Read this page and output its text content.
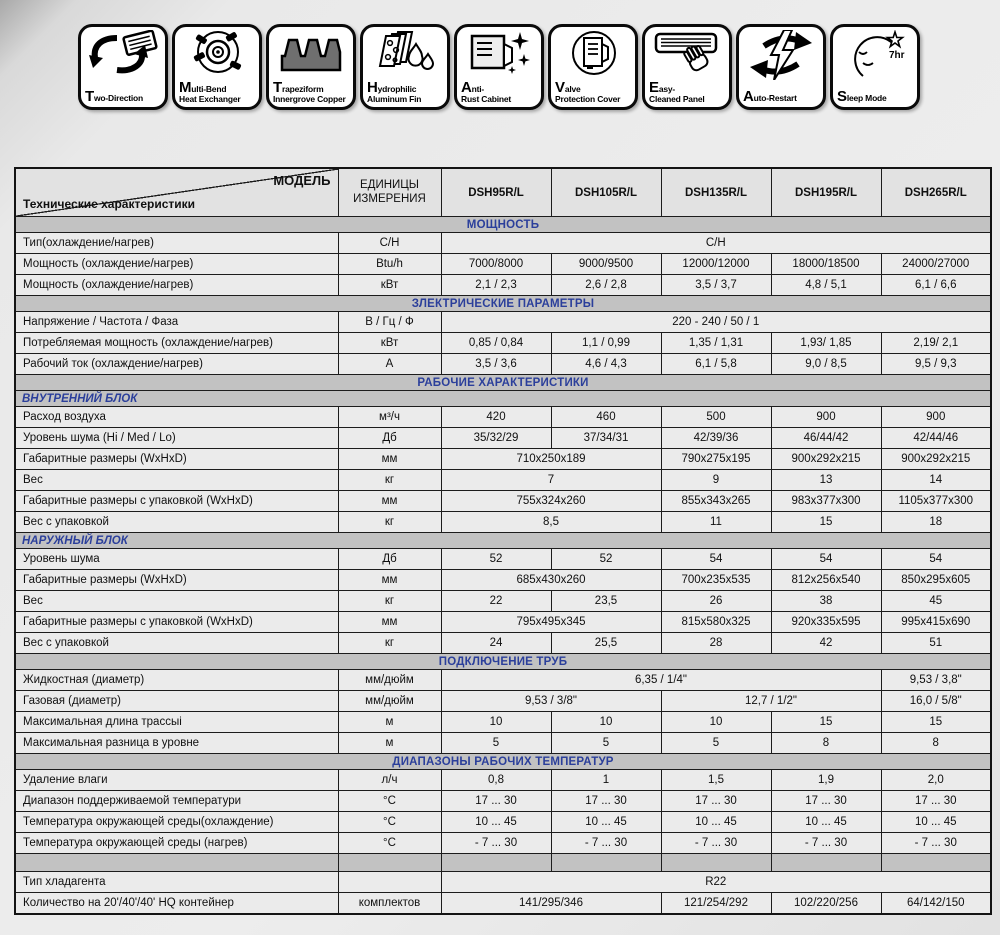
Two-Direction
Multi-Bend
Heat Exchanger
Trapeziform
Innergrove Copper
Hydrophilic
Aluminum Fin
Anti-
Rust Cabinet
Valve
Protection Cover
Easy-
Cleaned Panel	Auto-Restart
7hr
Sleep Mode
МОДЕЛЬ
Технические характеристики	ЕДИНИЦЫ ИЗМЕРЕНИЯ	DSH95R/L	DSH105R/L	DSH135R/L	DSH195R/L	DSH265R/L
МОЩНОСТЬ						
Тип(охлаждение/нагрев)	С/Н	С/Н				
Мощность (охлаждение/нагрев)	Btu/h	7000/8000	9000/9500	12000/12000	18000/18500	24000/27000
Мощность (охлаждение/нагрев)	кВт	2,1 / 2,3	2,6 / 2,8	3,5 / 3,7	4,8 / 5,1	6,1 / 6,6
ЗЛЕКТРИЧЕСКИЕ ПАРАМЕТРЫ						
Напряжение / Частота / Фаза	В / Гц / Ф	220 - 240 / 50 / 1				
Потребляемая мощность (охлаждение/нагрев)	кВт	0,85 / 0,84	1,1 / 0,99	1,35 / 1,31	1,93/ 1,85	2,19/ 2,1
Рабочий ток (охлаждение/нагрев)	А	3,5 / 3,6	4,6 / 4,3	6,1 / 5,8	9,0 / 8,5	9,5 / 9,3
РАБОЧИЕ ХАРАКТЕРИСТИКИ						
ВНУТРЕННИЙ БЛОК						
Расход воздуха	м³/ч	420	460	500	900	900
Уровень шума (Hi / Med / Lo)	Дб	35/32/29	37/34/31	42/39/36	46/44/42	42/44/46
Габаритные размеры (WxHxD)	мм	710x250x189		790x275x195	900x292x215	900x292x215
Вес	кг	7		9	13	14
Габаритные размеры с упаковкой (WxHxD)	мм	755x324x260		855x343x265	983x377x300	1105x377x300
Вес с упаковкой	кг	8,5		11	15	18
НАРУЖНЫЙ БЛОК						
Уровень шума	Дб	52	52	54	54	54
Габаритные размеры (WxHxD)	мм	685x430x260		700x235x535	812x256x540	850x295x605
Вес	кг	22	23,5	26	38	45
Габаритные размеры с упаковкой (WxHxD)	мм	795x495x345		815x580x325	920x335x595	995x415x690
Вес с упаковкой	кг	24	25,5	28	42	51
ПОДКЛЮЧЕНИЕ ТРУБ						
Жидкостная (диаметр)	мм/дюйм	6,35 / 1/4"				9,53 / 3,8"
Газовая (диаметр)	мм/дюйм	9,53 / 3/8"		12,7 / 1/2"		16,0 / 5/8"
Максимальная длина трассыі	м	10	10	10	15	15
Максимальная разница в уровне	м	5	5	5	8	8
ДИАПАЗОНЫ РАБОЧИХ ТЕМПЕРАТУР						
Удаление влаги	л/ч	0,8	1	1,5	1,9	2,0
Диапазон поддерживаемой температури	°С	17 ... 30	17 ... 30	17 ... 30	17 ... 30	17 ... 30
Температура окружающей среды(охлаждение)	°С	10 ... 45	10 ... 45	10 ... 45	10 ... 45	10 ... 45
Температура окружающей среды (нагрев)	°С	- 7 ... 30	- 7 ... 30	- 7 ... 30	- 7 ... 30	- 7 ... 30

Тип хладагента		R22				
Количество на 20'/40'/40' HQ контейнер	комплектов	141/295/346		121/254/292	102/220/256	64/142/150
